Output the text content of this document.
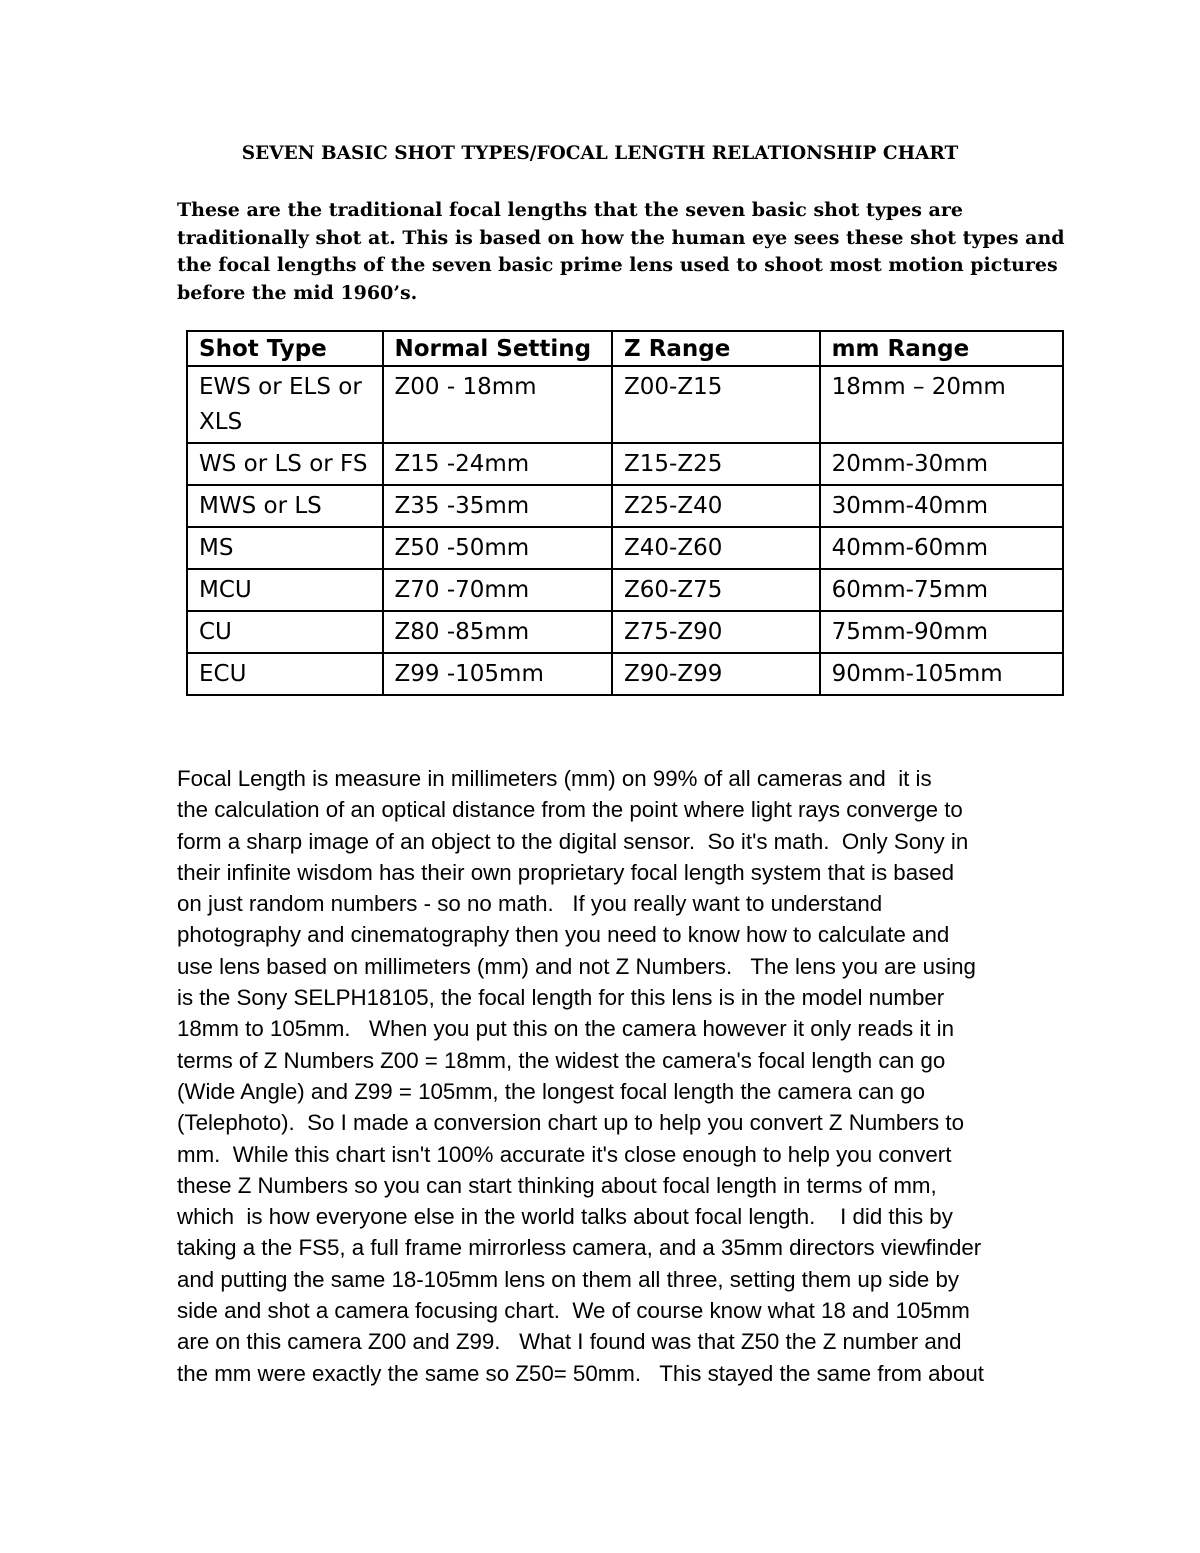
SEVEN BASIC SHOT TYPES/FOCAL LENGTH RELATIONSHIP CHART
These are the traditional focal lengths that the seven basic shot types are
traditionally shot at. This is based on how the human eye sees these shot types and
the focal lengths of the seven basic prime lens used to shoot most motion pictures
before the mid 1960’s.
Shot Type	Normal Setting	Z Range	mm Range
EWS or ELS or XLS	Z00 - 18mm	Z00-Z15	18mm – 20mm
WS or LS or FS	Z15 -24mm	Z15-Z25	20mm-30mm
MWS or LS	Z35 -35mm	Z25-Z40	30mm-40mm
MS	Z50 -50mm	Z40-Z60	40mm-60mm
MCU	Z70 -70mm	Z60-Z75	60mm-75mm
CU	Z80 -85mm	Z75-Z90	75mm-90mm
ECU	Z99 -105mm	Z90-Z99	90mm-105mm
Focal Length is measure in millimeters (mm) on 99% of all cameras and  it is
the calculation of an optical distance from the point where light rays converge to
form a sharp image of an object to the digital sensor.  So it's math.  Only Sony in
their infinite wisdom has their own proprietary focal length system that is based
on just random numbers - so no math.   If you really want to understand
photography and cinematography then you need to know how to calculate and
use lens based on millimeters (mm) and not Z Numbers.   The lens you are using
is the Sony SELPH18105, the focal length for this lens is in the model number
18mm to 105mm.   When you put this on the camera however it only reads it in
terms of Z Numbers Z00 = 18mm, the widest the camera's focal length can go
(Wide Angle) and Z99 = 105mm, the longest focal length the camera can go
(Telephoto).  So I made a conversion chart up to help you convert Z Numbers to
mm.  While this chart isn't 100% accurate it's close enough to help you convert
these Z Numbers so you can start thinking about focal length in terms of mm,
which  is how everyone else in the world talks about focal length.    I did this by
taking a the FS5, a full frame mirrorless camera, and a 35mm directors viewfinder
and putting the same 18-105mm lens on them all three, setting them up side by
side and shot a camera focusing chart.  We of course know what 18 and 105mm
are on this camera Z00 and Z99.   What I found was that Z50 the Z number and
the mm were exactly the same so Z50= 50mm.   This stayed the same from about
